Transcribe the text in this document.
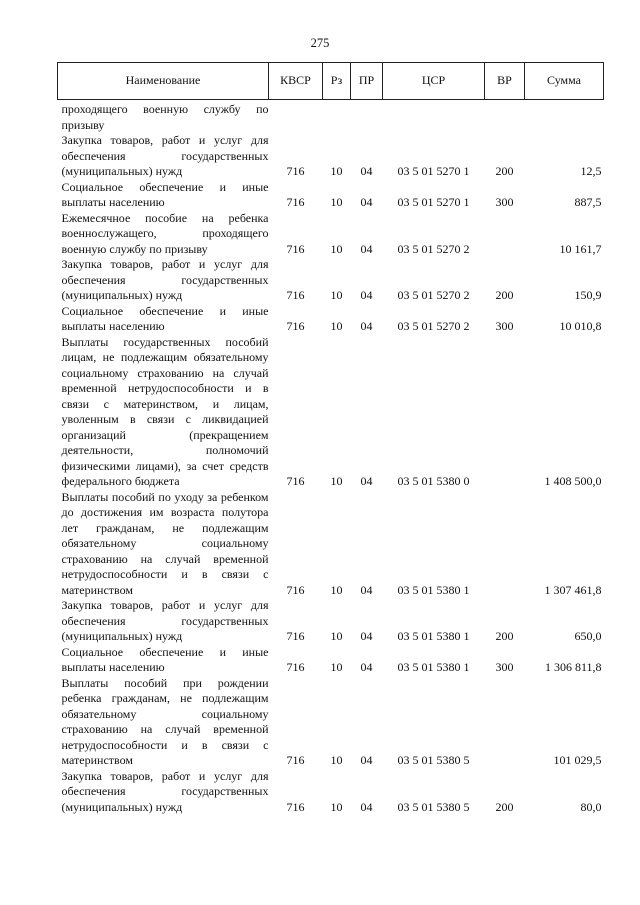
275
Наименование	КВСР	Рз	ПР	ЦСР	ВР	Сумма
проходящего военную службу по призыву						
Закупка товаров, работ и услуг для обеспечения государственных (муниципальных) нужд	716	10	04	03 5 01 5270 1	200	12,5
Социальное обеспечение и иные выплаты населению	716	10	04	03 5 01 5270 1	300	887,5
Ежемесячное пособие на ребенка военнослужащего, проходящего военную службу по призыву	716	10	04	03 5 01 5270 2		10 161,7
Закупка товаров, работ и услуг для обеспечения государственных (муниципальных) нужд	716	10	04	03 5 01 5270 2	200	150,9
Социальное обеспечение и иные выплаты населению	716	10	04	03 5 01 5270 2	300	10 010,8
Выплаты государственных пособий лицам, не подлежащим обязательному социальному страхованию на случай временной нетрудоспособности и в связи с материнством, и лицам, уволенным в связи с ликвидацией организаций (прекращением деятельности, полномочий физическими лицами), за счет средств федерального бюджета	716	10	04	03 5 01 5380 0		1 408 500,0
Выплаты пособий по уходу за ребенком до достижения им возраста полутора лет гражданам, не подлежащим обязательному социальному страхованию на случай временной нетрудоспособности и в связи с материнством	716	10	04	03 5 01 5380 1		1 307 461,8
Закупка товаров, работ и услуг для обеспечения государственных (муниципальных) нужд	716	10	04	03 5 01 5380 1	200	650,0
Социальное обеспечение и иные выплаты населению	716	10	04	03 5 01 5380 1	300	1 306 811,8
Выплаты пособий при рождении ребенка гражданам, не подлежащим обязательному социальному страхованию на случай временной нетрудоспособности и в связи с материнством	716	10	04	03 5 01 5380 5		101 029,5
Закупка товаров, работ и услуг для обеспечения государственных (муниципальных) нужд	716	10	04	03 5 01 5380 5	200	80,0
